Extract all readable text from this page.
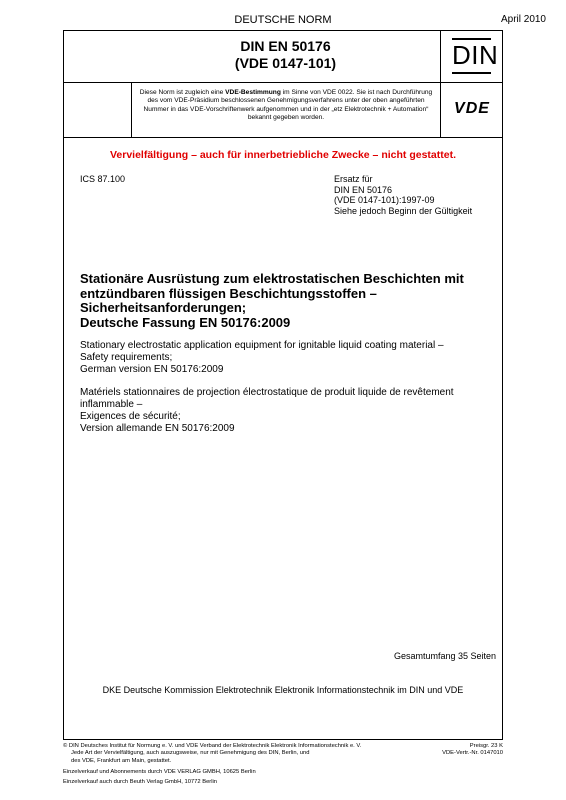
DEUTSCHE NORM	April 2010
DIN EN 50176
(VDE 0147-101)	DIN
Diese Norm ist zugleich eine VDE-Bestimmung im Sinne von VDE 0022. Sie ist nach Durchführung des vom VDE-Präsidium beschlossenen Genehmigungsverfahrens unter der oben angeführten Nummer in das VDE-Vorschriftenwerk aufgenommen und in der „etz Elektrotechnik + Automation“ bekannt gegeben worden.
VDE
Vervielfältigung – auch für innerbetriebliche Zwecke – nicht gestattet.
ICS 87.100	Ersatz für
DIN EN 50176
(VDE 0147-101):1997-09
Siehe jedoch Beginn der Gültigkeit
Stationäre Ausrüstung zum elektrostatischen Beschichten mit
entzündbaren flüssigen Beschichtungsstoffen –
Sicherheitsanforderungen;
Deutsche Fassung EN 50176:2009
Stationary electrostatic application equipment for ignitable liquid coating material –
Safety requirements;
German version EN 50176:2009
Matériels stationnaires de projection électrostatique de produit liquide de revêtement
inflammable –
Exigences de sécurité;
Version allemande EN 50176:2009
Gesamtumfang 35 Seiten
DKE Deutsche Kommission Elektrotechnik Elektronik Informationstechnik im DIN und VDE
© DIN Deutsches Institut für Normung e. V. und VDE Verband der Elektrotechnik Elektronik Informationstechnik e. V.
Jede Art der Vervielfältigung, auch auszugsweise, nur mit Genehmigung des DIN, Berlin, und
des VDE, Frankfurt am Main, gestattet.
Preisgr. 23 K
VDE-Vertr.-Nr. 0147010
Einzelverkauf und Abonnements durch VDE VERLAG GMBH, 10625 Berlin
Einzelverkauf auch durch Beuth Verlag GmbH, 10772 Berlin
